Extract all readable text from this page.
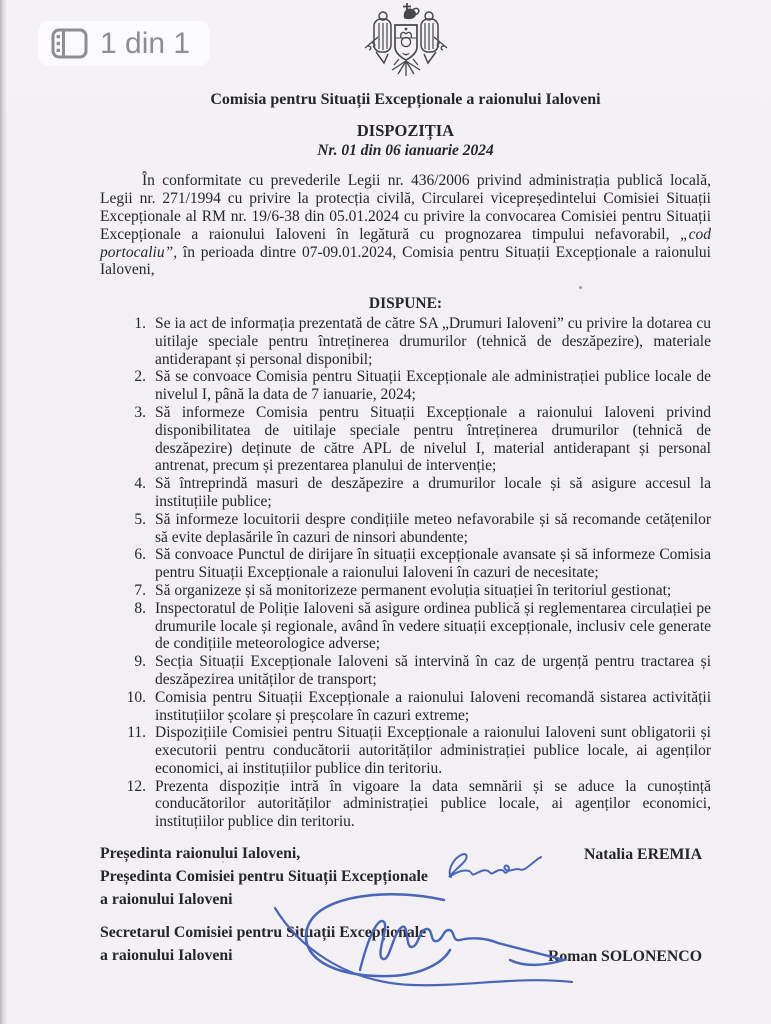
1 din 1
Comisia pentru Situații Excepționale a raionului Ialoveni
DISPOZIȚIA
Nr. 01 din 06 ianuarie 2024
În conformitate cu prevederile Legii nr. 436/2006 privind administrația publică locală, Legii nr. 271/1994 cu privire la protecția civilă, Circularei vicepreședintelui Comisiei Situații Excepționale al RM nr. 19/6-38 din 05.01.2024 cu privire la convocarea Comisiei pentru Situații Excepționale a raionului Ialoveni în legătură cu prognozarea timpului nefavorabil, „cod portocaliu”, în perioada dintre 07-09.01.2024, Comisia pentru Situații Excepționale a raionului Ialoveni,
DISPUNE:
1. Se ia act de informația prezentată de către SA „Drumuri Ialoveni” cu privire la dotarea cu uitilaje speciale pentru întreținerea drumurilor (tehnică de deszăpezire), materiale antiderapant și personal disponibil;
2. Să se convoace Comisia pentru Situații Excepționale ale administrației publice locale de nivelul I, până la data de 7 ianuarie, 2024;
3. Să informeze Comisia pentru Situații Excepționale a raionului Ialoveni privind disponibilitatea de uitilaje speciale pentru întreținerea drumurilor (tehnică de deszăpezire) deținute de către APL de nivelul I, material antiderapant și personal antrenat, precum și prezentarea planului de intervenție;
4. Să întreprindă masuri de deszăpezire a drumurilor locale și să asigure accesul la instituțiile publice;
5. Să informeze locuitorii despre condițiile meteo nefavorabile și să recomande cetățenilor să evite deplasările în cazuri de ninsori abundente;
6. Să convoace Punctul de dirijare în situații excepționale avansate și să informeze Comisia pentru Situații Excepționale a raionului Ialoveni în cazuri de necesitate;
7. Să organizeze și să monitorizeze permanent evoluția situației în teritoriul gestionat;
8. Inspectoratul de Poliție Ialoveni să asigure ordinea publică și reglementarea circulației pe drumurile locale și regionale, având în vedere situații excepționale, inclusiv cele generate de condițiile meteorologice adverse;
9. Secția Situații Excepționale Ialoveni să intervină în caz de urgență pentru tractarea și deszăpezirea unităților de transport;
10. Comisia pentru Situații Excepționale a raionului Ialoveni recomandă sistarea activității instituțiilor școlare și preșcolare în cazuri extreme;
11. Dispozițiile Comisiei pentru Situații Excepționale a raionului Ialoveni sunt obligatorii și executorii pentru conducătorii autorităților administrației publice locale, ai agenților economici, ai instituțiilor publice din teritoriu.
12. Prezenta dispoziție intră în vigoare la data semnării și se aduce la cunoștință conducătorilor autorităților administrației publice locale, ai agenților economici, instituțiilor publice din teritoriu.
Președinta raionului Ialoveni,
Președinta Comisiei pentru Situații Excepționale
a raionului Ialoveni
Natalia EREMIA
Secretarul Comisiei pentru Situații Excepționale
a raionului Ialoveni	Roman SOLONENCO
